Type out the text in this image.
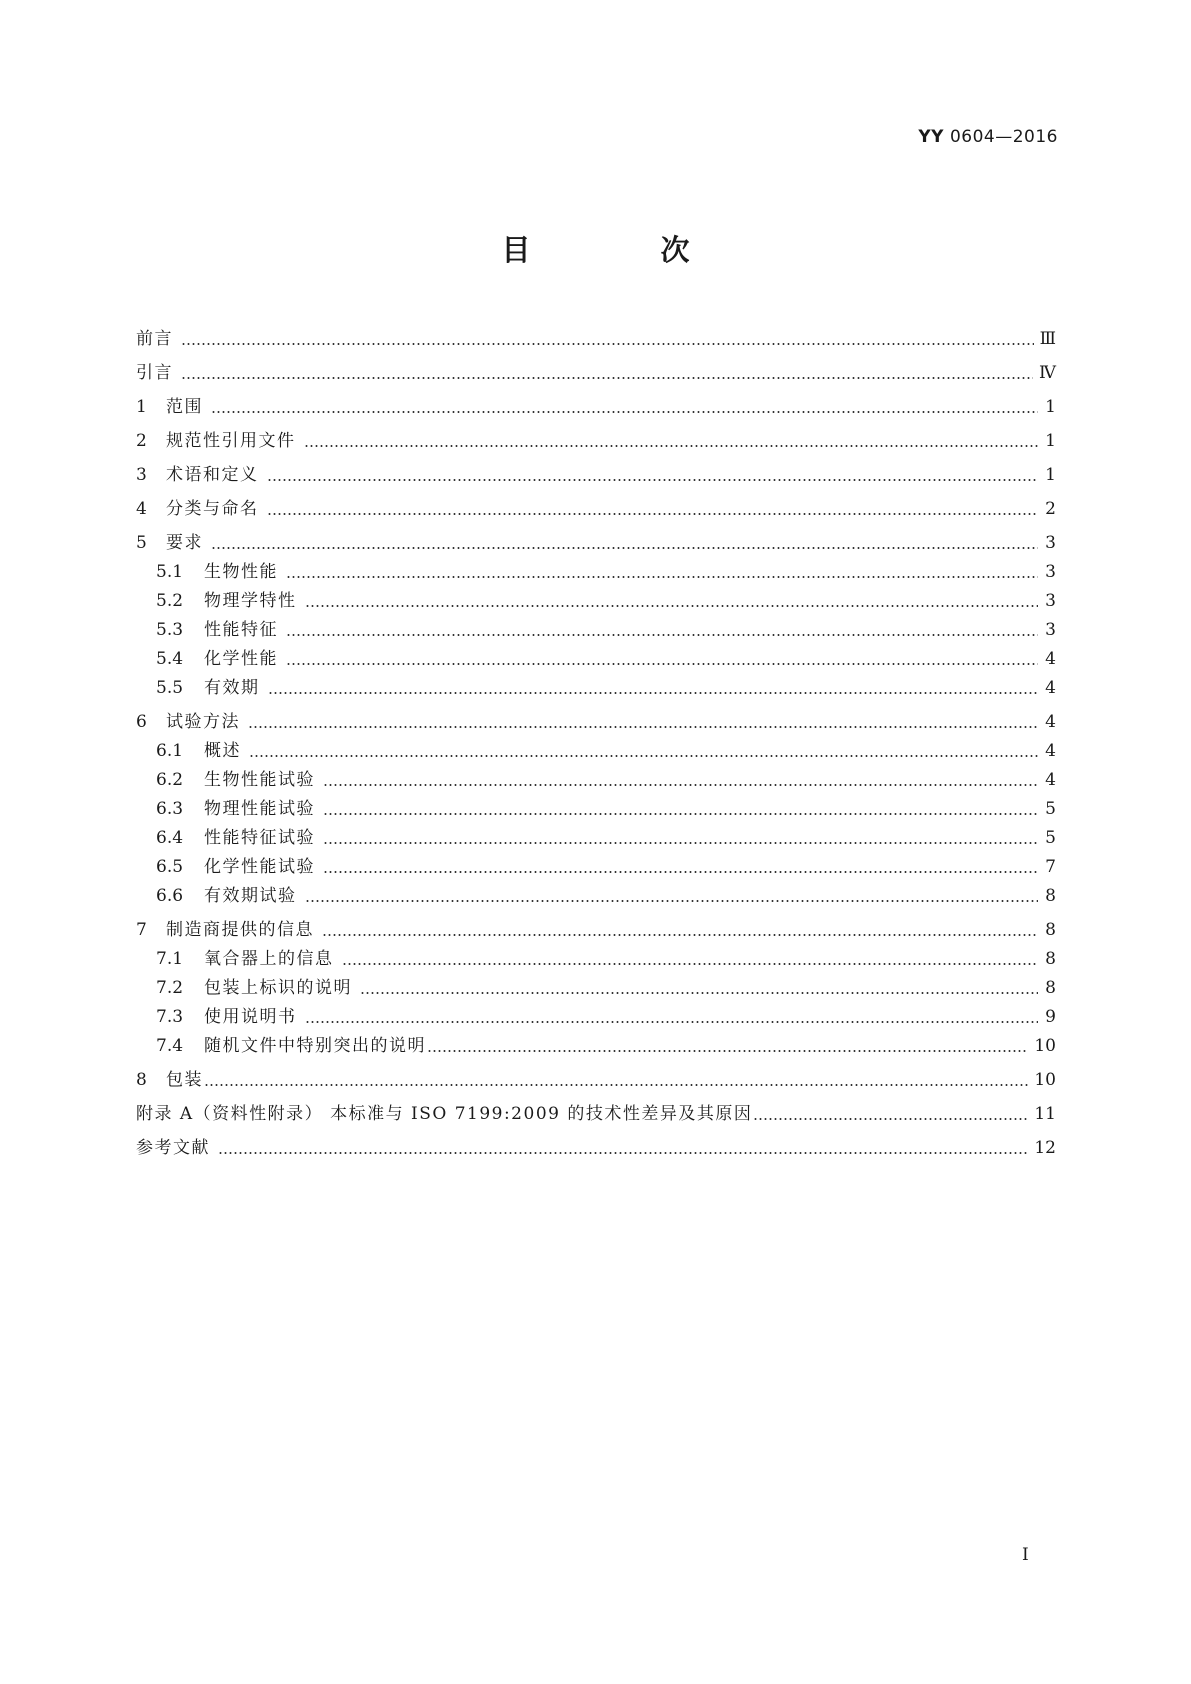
YY 0604—2016
目 次
前言	Ⅲ
引言	Ⅳ
1	范围	1
2	规范性引用文件	1
3	术语和定义	1
4	分类与命名	2
5	要求	3
5.1	生物性能	3
5.2	物理学特性	3
5.3	性能特征	3
5.4	化学性能	4
5.5	有效期	4
6	试验方法	4
6.1	概述	4
6.2	生物性能试验	4
6.3	物理性能试验	5
6.4	性能特征试验	5
6.5	化学性能试验	7
6.6	有效期试验	8
7	制造商提供的信息	8
7.1	氧合器上的信息	8
7.2	包装上标识的说明	8
7.3	使用说明书	9
7.4	随机文件中特别突出的说明	10
8	包装	10
附录 A（资料性附录） 本标准与 ISO 7199:2009 的技术性差异及其原因	11
参考文献	12
I
